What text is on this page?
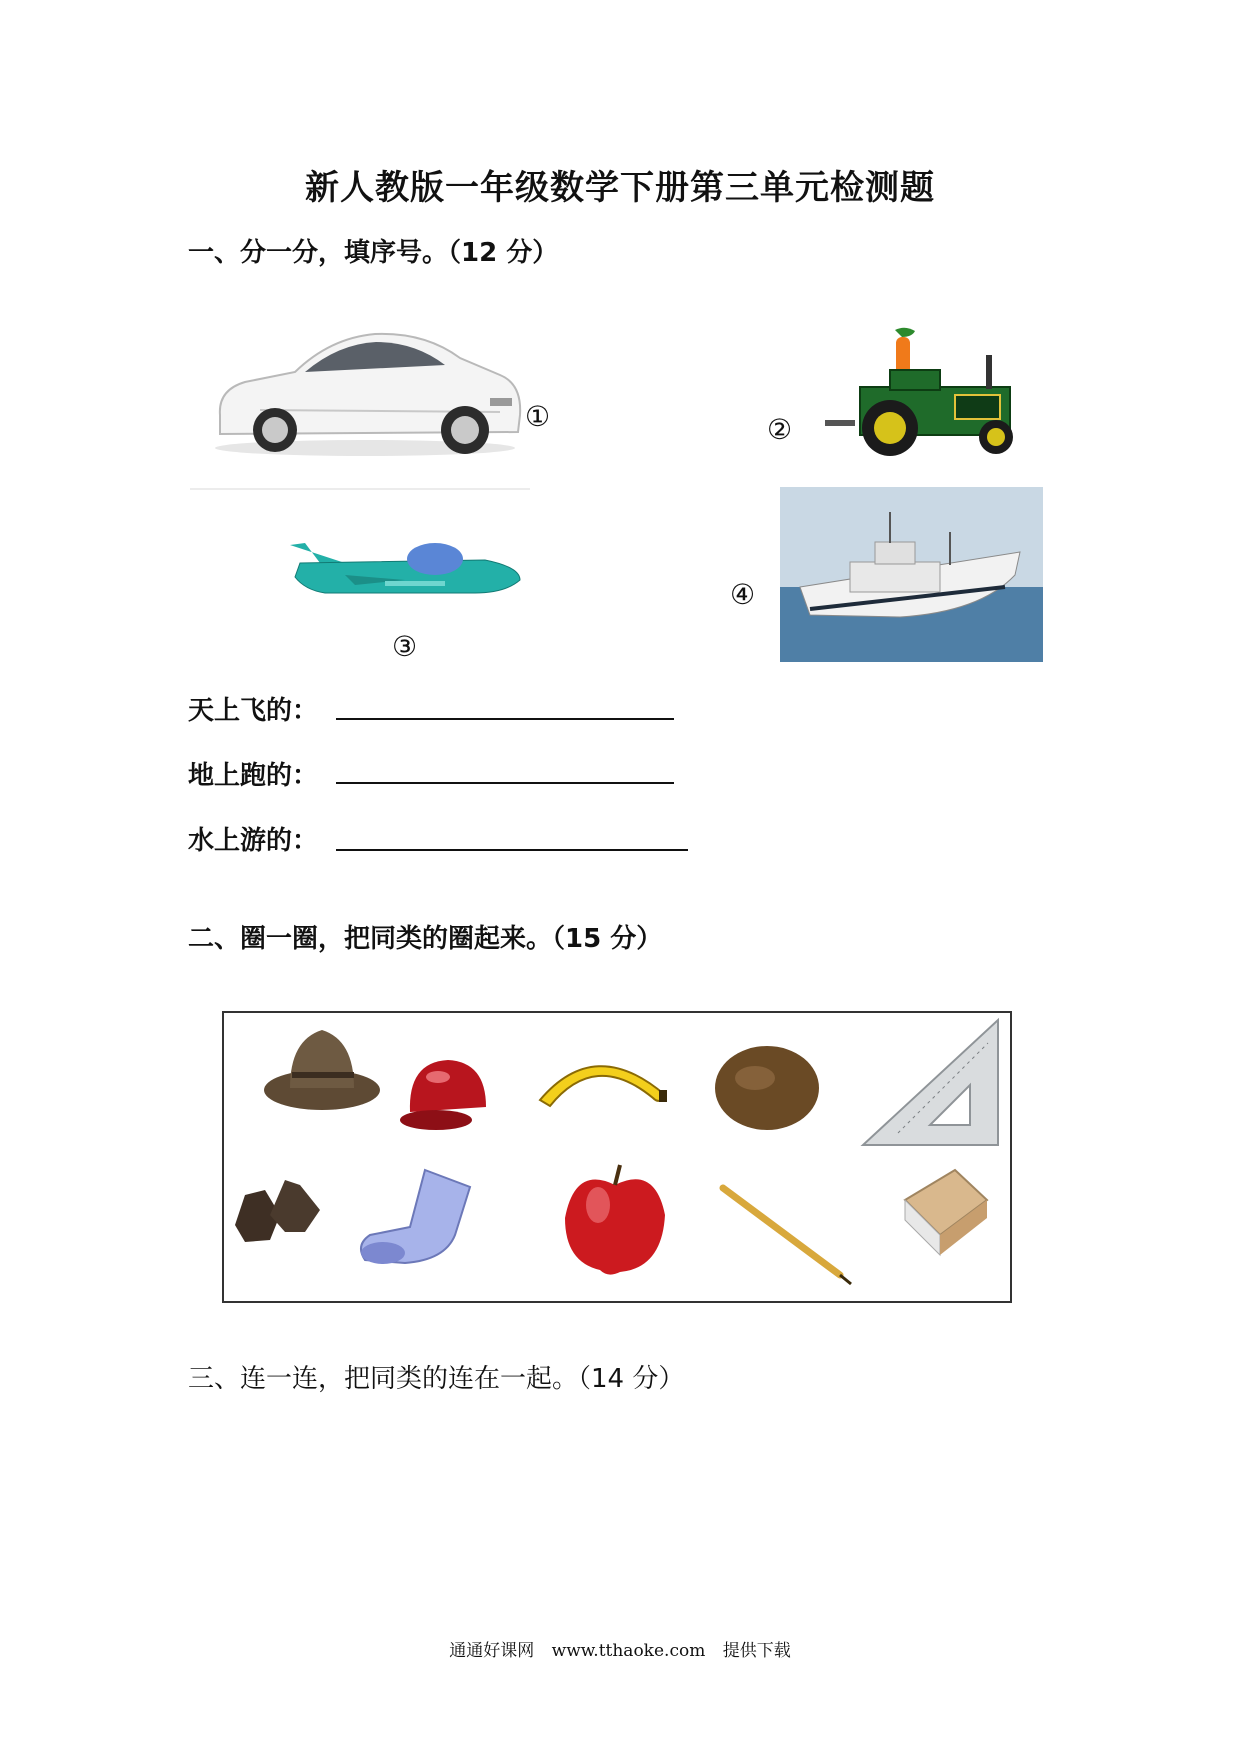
新人教版一年级数学下册第三单元检测题
一、分一分，填序号。（12 分）
①	②
③
④
天上飞的：
地上跑的：
水上游的：
二、圈一圈，把同类的圈起来。（15 分）
三、连一连，把同类的连在一起。（14 分）
通通好课网 www.tthaoke.com 提供下载
